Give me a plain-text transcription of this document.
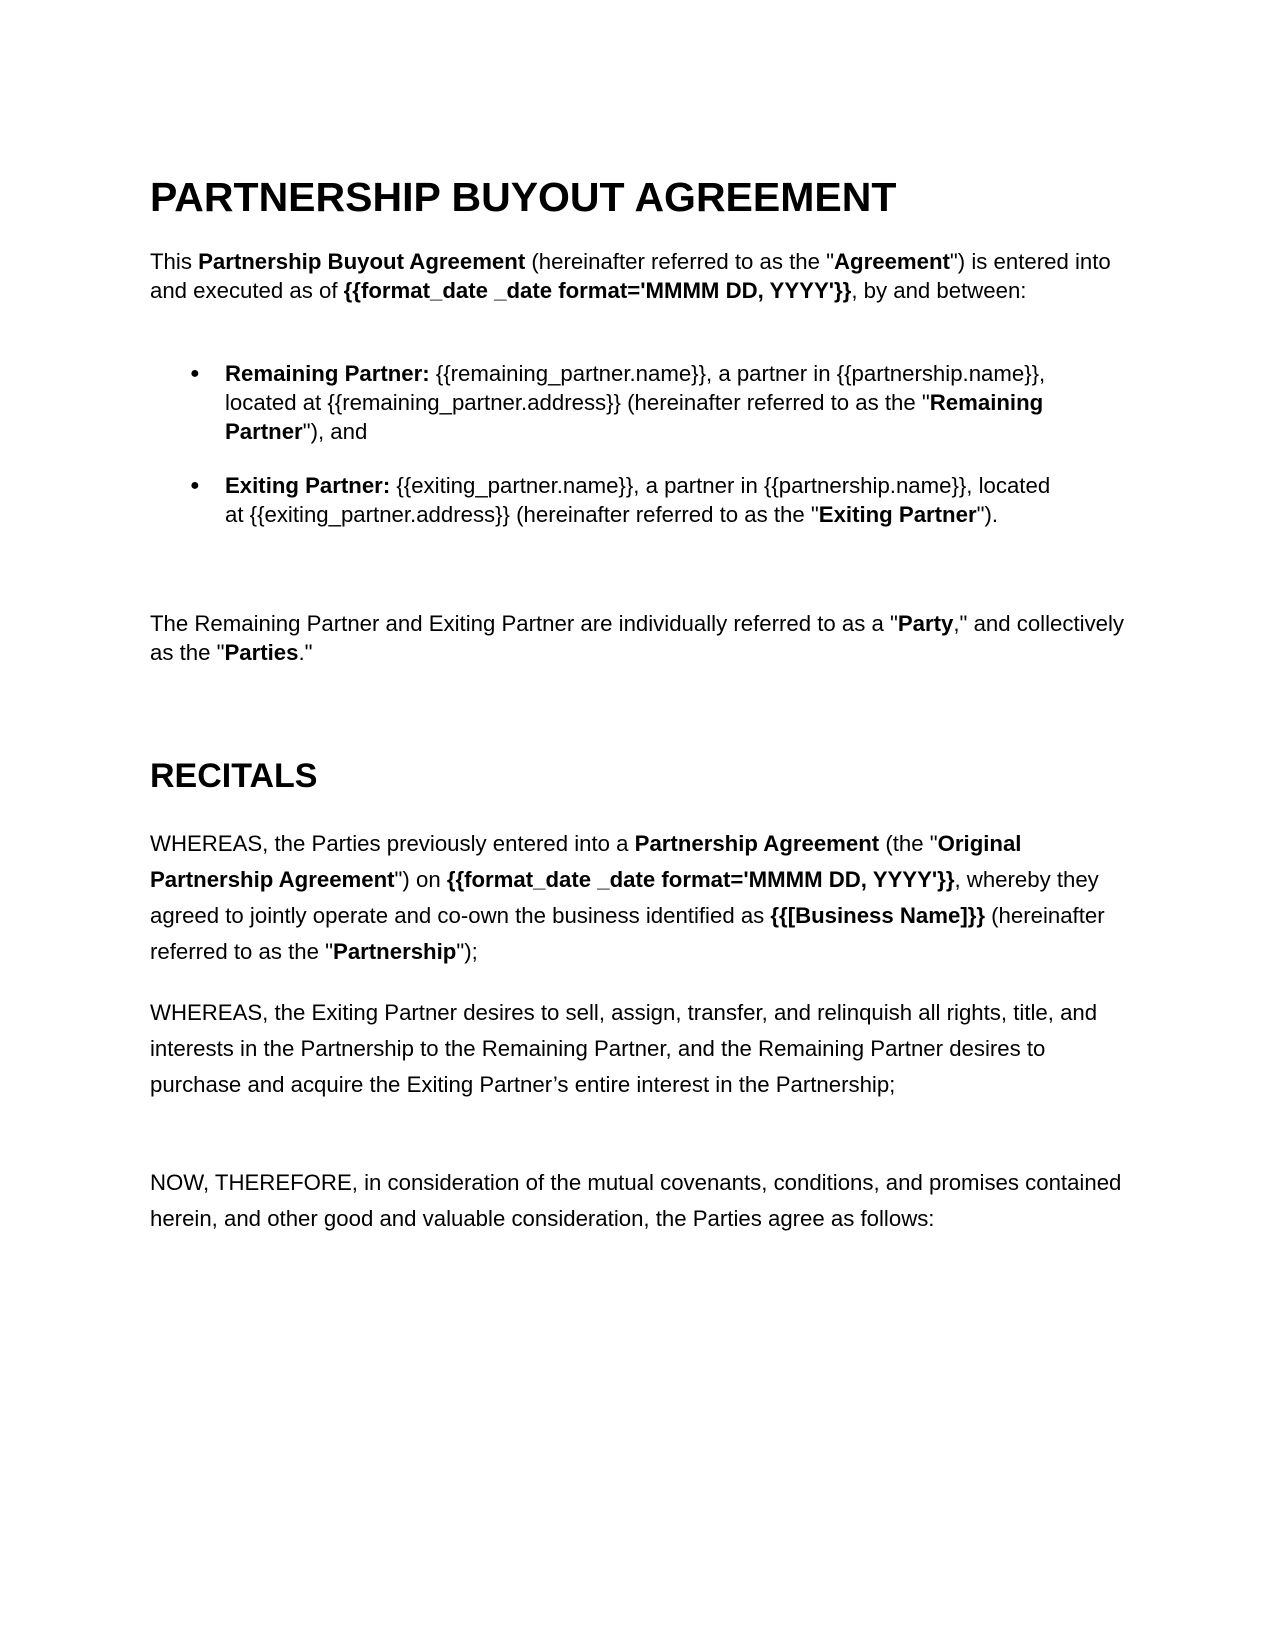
PARTNERSHIP BUYOUT AGREEMENT

This Partnership Buyout Agreement (hereinafter referred to as the "Agreement") is entered into and executed as of {{format_date _date format='MMMM DD, YYYY'}}, by and between:

● Remaining Partner: {{remaining_partner.name}}, a partner in {{partnership.name}}, located at {{remaining_partner.address}} (hereinafter referred to as the "Remaining Partner"), and
● Exiting Partner: {{exiting_partner.name}}, a partner in {{partnership.name}}, located at {{exiting_partner.address}} (hereinafter referred to as the "Exiting Partner").

The Remaining Partner and Exiting Partner are individually referred to as a "Party," and collectively as the "Parties."

RECITALS

WHEREAS, the Parties previously entered into a Partnership Agreement (the "Original Partnership Agreement") on {{format_date _date format='MMMM DD, YYYY'}}, whereby they agreed to jointly operate and co-own the business identified as {{[Business Name]}} (hereinafter referred to as the "Partnership");

WHEREAS, the Exiting Partner desires to sell, assign, transfer, and relinquish all rights, title, and interests in the Partnership to the Remaining Partner, and the Remaining Partner desires to purchase and acquire the Exiting Partner’s entire interest in the Partnership;

NOW, THEREFORE, in consideration of the mutual covenants, conditions, and promises contained herein, and other good and valuable consideration, the Parties agree as follows:
